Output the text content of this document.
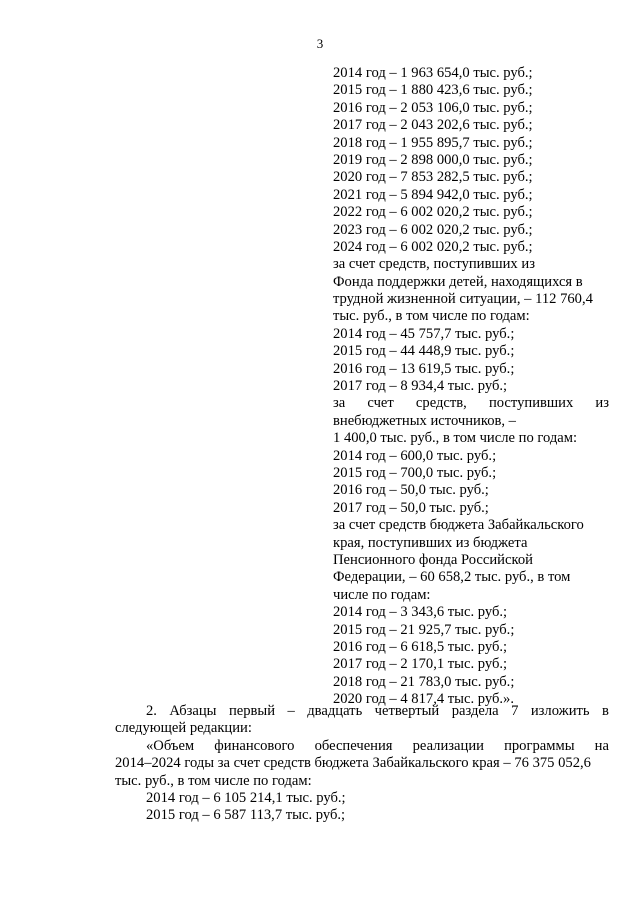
3
2014 год – 1 963 654,0 тыс. руб.;
2015 год – 1 880 423,6 тыс. руб.;
2016 год – 2 053 106,0 тыс. руб.;
2017 год – 2 043 202,6 тыс. руб.;
2018 год – 1 955 895,7 тыс. руб.;
2019 год – 2 898 000,0 тыс. руб.;
2020 год – 7 853 282,5 тыс. руб.;
2021 год – 5 894 942,0 тыс. руб.;
2022 год – 6 002 020,2 тыс. руб.;
2023 год – 6 002 020,2 тыс. руб.;
2024 год – 6 002 020,2 тыс. руб.;
за счет средств, поступивших из
Фонда поддержки детей, находящихся в
трудной жизненной ситуации, – 112 760,4
тыс. руб., в том числе по годам:
2014 год – 45 757,7 тыс. руб.;
2015 год – 44 448,9 тыс. руб.;
2016 год – 13 619,5 тыс. руб.;
2017 год – 8 934,4 тыс. руб.;
за счет средств, поступивших из
внебюджетных источников, –
1 400,0 тыс. руб., в том числе по годам:
2014 год – 600,0 тыс. руб.;
2015 год – 700,0 тыс. руб.;
2016 год – 50,0 тыс. руб.;
2017 год – 50,0 тыс. руб.;
за счет средств бюджета Забайкальского
края, поступивших из бюджета
Пенсионного фонда Российской
Федерации, – 60 658,2 тыс. руб., в том
числе по годам:
2014 год – 3 343,6 тыс. руб.;
2015 год – 21 925,7 тыс. руб.;
2016 год – 6 618,5 тыс. руб.;
2017 год – 2 170,1 тыс. руб.;
2018 год – 21 783,0 тыс. руб.;
2020 год – 4 817,4 тыс. руб.».
2. Абзацы первый – двадцать четвертый раздела 7 изложить в
следующей редакции:
«Объем финансового обеспечения реализации программы на
2014–2024 годы за счет средств бюджета Забайкальского края – 76 375 052,6
тыс. руб., в том числе по годам:
2014 год – 6 105 214,1 тыс. руб.;
2015 год – 6 587 113,7 тыс. руб.;
